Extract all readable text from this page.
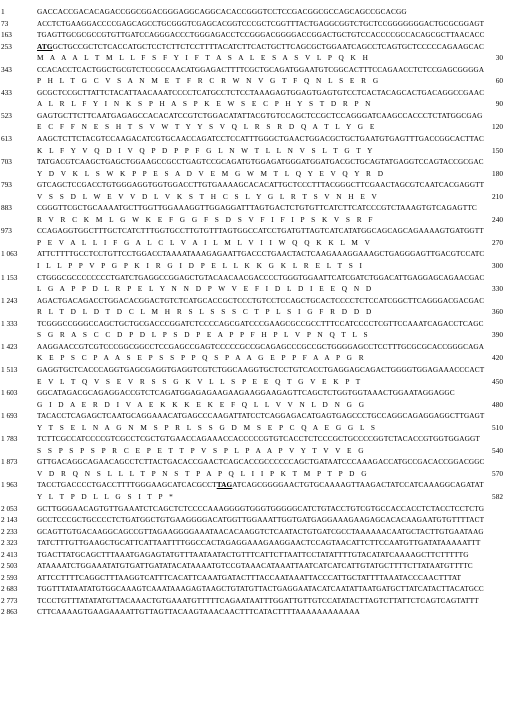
1	GACCACCGACACAGACCGGCGGACGGGAGGCAGGCACACCGGGTCCTCCGACGGCGCCAGCAGCCGCACGG
73	ACCTCTGAAGGACCCCGAGCAGCCTGCGGGTCGAGCACGGTCCCGCTCGGTTTACTGAGGCGGTCTGCTCCGGGGGGGACTGCGCGGAGT
163	TGAGTTGCGCGCCGTGTTGATCCAGGGACCCTGGGAGACCTCCGGGACGGGGACCGGACTGCTGTCCACCCCGCCACAGCGCTTAACACC
253	ATGGCTGCCGCTCTCACCATGCTCCTCTTCTCCTTTTACATCTTCACTGCTTCAGCGCTGGAATCAGCCTCAGTGCTCCCCCAGAAGCAC
M  A  A  A  L  T  M  L  L  F  S  F  Y  I  F  T  A  S  A  L  E  S  A  S  V  L  P  Q  K  H	30
343	CCACACCTCACTGGCTGCGTCTCCGCCAACATGGAGACTTTTCGCTGCAGATGGAATGTCGGCACTTTCCAGAACCTCTCCGAGCGGGGA
P  H  L  T  G  C  V  S  A  N  M  E  T  F  R  C  R  W  N  V  G  T  F  Q  N  L  S  E  R  G	60
433	GCGCTCCGCTTATTCTACATTAACAAATCCCCTCATGCCTCTCCTAAAGAGTGGAGTGAGTGTCCTCACTACAGCACTGACAGGCCGAAC
A  L  R  L  F  Y  I  N  K  S  P  H  A  S  P  K  E  W  S  E  C  P  H  Y  S  T  D  R  P  N	90
523	GAGTGCTTCTTCAATGAGAGCCACACATCCGTCTGGACATATTACGTGTCCAGCTCCGCTCCAGGGATCAAGCCACCCTCTATGGCGAG
E  C  F  F  N  E  S  H  T  S  V  W  T  Y  Y  S  V  Q  L  R  S  R  D  Q  A  T  L  Y  G  E	120
613	AAGCTCTTCTACGTCCAAGACATCGTGCAACCAGATCCTCCATTTGGGCTGAACTGGACGCTGCTGAATGTGAGTTTGACCGGCACTTAC
K  L  F  Y  V  Q  D  I  V  Q  P  D  P  P  F  G  L  N  W  T  L  L  N  V  S  L  T  G  T  Y	150
703	TATGACGTCAAGCTGAGCTGGAAGCCGCCTGAGTCCGCAGATGTGGAGATGGGATGGATGACGCTGCAGTATGAGGTCCAGTACCGCGAC
Y  D  V  K  L  S  W  K  P  P  E  S  A  D  V  E  M  G  W  M  T  L  Q  Y  E  V  Q  Y  R  D	180
793	GTCAGCTCCGACCTGTGGGAGGTGGTGGACCTTGTGAAAAGCACACATTGCTCCCTTTACGGGCTTCGAACTAGCGTCAATCACGAGGTT
V  S  S  D  L  W  E  V  V  D  L  V  K  S  T  H  C  S  L  Y  G  L  R  T  S  V  N  H  E  V	210
883	CGGGTTCGCTGCAAAATGCTTGGTTGGAAAGGTTGGAGGATTTAGTGACTCTGTGTTCATCTTCATCCCGTCTAAAGTGTCAGAGTTC
R  V  R  C  K  M  L  G  W  K  E  F  G  G  F  S  D  S  V  F  I  F  I  P  S  K  V  S  R  F	240
973	CCAGAGGTGGCTTTGCTCATCTTTGGTGCCTTGTGTTTAGTGGCCATCCTGATGTTAGTCATCATATGGCAGCAGCAGAAAAGTGATGGTT
P  E  V  A  L  L  I  F  G  A  L  C  L  V  A  I  L  M  L  V  I  I  W  Q  Q  K  K  L  M  V	270
1 063	ATTCTTTTGCCTCCTGTTCCTGGACCTAAAATAAAGAGAATTGACCCTGAACTACTCAAGAAAGGAAAGCTGAGGGAGTTGACGTCCATC
I  L  L  P  P  V  P  G  P  K  I  R  G  I  D  P  E  L  L  K  K  G  K  L  R  E  L  T  S  I	300
1 153	CTGGGCGCCCCCCCCTGATCTGAGGCCGGAGCTGTACAACAACGACCCCTGGGTGGAATTCATCGATCTGGACATTGAGGAGCAGAACGAC
L  G  A  P  P  D  L  R  P  E  L  Y  N  N  D  P  W  V  E  F  I  D  L  D  I  E  E  Q  N  D	330
1 243	AGACTGACAGACCTGGACACGGACTGTCTCATGCACCGCTCCCTGTCCTCCAGCTGCACTCCCCTCTCCATCGGCTTCAGGGACGACGAC
R  L  T  D  L  D  T  D  C  L  M  H  R  S  L  S  S  S  C  T  P  L  S  I  G  F  R  D  D  D	360
1 333	TCGGGCCGGGCCAGCTGCTGCGACCCGGATCTCCCCAGCGATCCCGAAGCGCCGCCTTTCCATCCCCTCGTTCCAAATCAGACCTCAGC
S  G  R  A  S  C  C  D  P  D  L  P  S  D  P  E  A  P  P  F  H  P  L  V  P  N  Q  T  L  S	390
1 423	AAGGAACCGTCGTCCCGGCGGCCTCCGAGCCGAGTCCCCCGCCGCAGAGCCCGCCGCTGGGGAGCCTCCTTTGCGCGCACCGGGCAGA
K  E  P  S  C  P  A  A  S  E  P  S  S  P  P  Q  S  P  A  A  G  E  P  P  F  A  A  P  G  R	420
1 513	GAGGTGCTCACCCAGGTGAGCGAGGTGAGGTCGTCTGGCAAGGTGCTCCTGTCACCTGAGGAGCAGACTGGGGTGGAGAAACCCACT
E  V  L  T  Q  V  S  E  V  R  S  S  G  K  V  L  L  S  P  E  E  Q  T  G  V  E  K  P  T	450
1 603	GGCATAGACGCAGAGGACCGTCTCAGATGGAGAGAAGAAGAAGGAAGAGTTCAGCTCTGGTGGTAAACTGGAATAGGAGGC
G  I  D  A  E  R  D  I  V  A  E  K  K  K  E  K  E  F  Q  L  L  V  V  N  L  D  N  G  G	480
1 693	TACACCTCAGAGCTCAATGCAGGAAACATGAGCCCAAGATTATCCTCAGGAGACATGAGTGAGCCCTGCCAGGCAGAGGAGGCTTGAGT
Y  T  S  E  L  N  A  G  N  M  S  P  R  L  S  S  G  D  M  S  E  P  C  Q  A  E  G  G  L  S	510
1 783	TCTTCGCCATCCCCGTCGCCTCGCTGTGAACCAGAAACCACCCCCGTGTCACCTCTCCCGCTGCCCCGGTCTACACCGTGGTGGAGGT
S  S  P  S  P  S  P  R  C  E  P  E  T  T  P  V  S  P  L  P  A  A  P  V  Y  T  V  V  E  G	540
1 873	GTTGACAGGCAGAACAGCCTCTTACTGACACCGAACTCAGCACCGCCCCCCAGCTGATAATCCCAAAGACCATGCCGACACCGGACGGC
V  D  R  Q  N  S  L  L  L  T  P  N  S  T  P  A  P  Q  L  I  I  P  K  T  M  P  T  P  D  G	570
1 963	TACCTGACCCCTGACCTTTTGGGAAGCATCACGCCTTAGATCAGCGGGGAACTGTGCAAAAGTTAAGACTATCCATCAAAGGCAGATAT
Y  L  T  P  D  L  L  G  S  I  T  P  *	582
2 053	GCTTGGGAACAGTGTTGAAATCTCAGCTCTCCCCAAAGGGGTGGGTGGGGGCATCTGTACCTGTCGTGCCACCACCTCTACCTCCTCTG
2 143	GCCTCCCGCTGCCCCTCTGATGGCTGTGAAGGGGACATGGTTGGAAATTGGTGATGAGGAAAGAAGAGCACACAAGAATGTGTTTTACT
2 233	GCAGTTGTGACAAGGCAGCCGTTAGAAGGGGAAATAACACAAGGTCTCAATACTGTGATCGCCTAAAAAACAATGCTACTTGTGAATAAG
2 323	TATCTTTGTTGAAGCTGCATTCATTAATTTTGGCCACTAGAGGAAAGAAGGAACTCCAGTAACATTCTTCCAATGTTGATATAAAAATTT
2 413	TGACTTATGCAGCTTTAAATGAGAGTATGTTTAATAATACTGTTTCATTCTTAATTCCTATATTTTGTACATATCAAAAGCTTCTTTTTG
2 503	ATAAAATCTGGAAATATGTGATTGATATACATAAAATGTCCGTAAACATAAATTAATCATCATCATTGTATGCTTTTCTTATAATGTTTTC
2 593	ATTCCTTTTCAGGCTTTAAGGTCATTTCACATTCAAATGATACTTTACCAATAAATTACCCATTGCTATTTTAAATACCCAACTTTAT
2 683	TGGTTTATAATATGTGGCAAAGTCAAATAAAGAGTAAGCTGTATGTTACTGAGGAATACATCAATATTAATGATGCTTATCATACTTACATGCC
2 773	TCCCTGTTTATATATGTTACAAACTGTGAAATGTTTTTCAGAATAATTTGGATTGTTGTCCATATACTTAGTCTTATTCTCAGTCAGTATTT
2 863	CTTCAAAAGTGAAGAAAATTGTTAGTTACAAGTAAACAACTTTCATACTTTTAAAAAAAAAAAA
